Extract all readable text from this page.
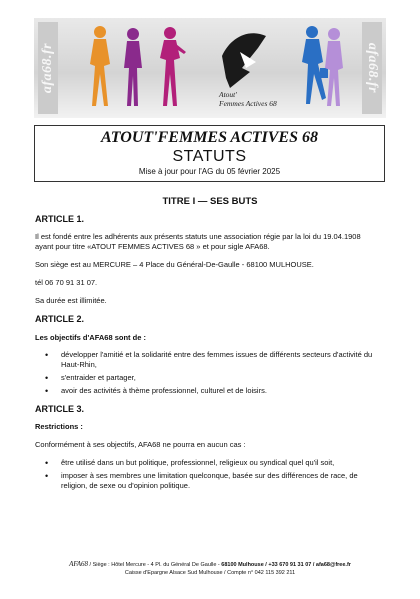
afa68.fr	afa68.fr
Atout'
Femmes Actives 68
ATOUT'FEMMES ACTIVES 68
STATUTS
Mise à jour pour l'AG du 05 février 2025
TITRE I — SES BUTS
ARTICLE 1.
Il est fondé entre les adhérents aux présents statuts une association régie par la loi du 19.04.1908
ayant pour titre «ATOUT FEMMES ACTIVES 68 » et pour sigle AFA68.
Son siège est au MERCURE – 4 Place du Général-De-Gaulle - 68100 MULHOUSE.
tél 06 70 91 31 07.
Sa durée est illimitée.
ARTICLE 2.
Les objectifs d'AFA68 sont de :
• développer l'amitié et la solidarité entre des femmes issues de différents secteurs d'activité du Haut-Rhin,
• s'entraider et partager,
• avoir des activités à thème professionnel, culturel et de loisirs.
ARTICLE 3.
Restrictions :
Conformément à ses objectifs, AFA68 ne pourra en aucun cas :
• être utilisé dans un but politique, professionnel, religieux ou syndical quel qu'il soit,
• imposer à ses membres une limitation quelconque, basée sur des différences de race, de religion, de sexe ou d'opinion politique.
AFA68 / Siège : Hôtel Mercure - 4 Pl. du Général De Gaulle - 68100 Mulhouse / +33 670 91 31 07 / afa68@free.fr
Caisse d'Epargne Alsace Sud Mulhouse / Compte n° 042 115 392 211
